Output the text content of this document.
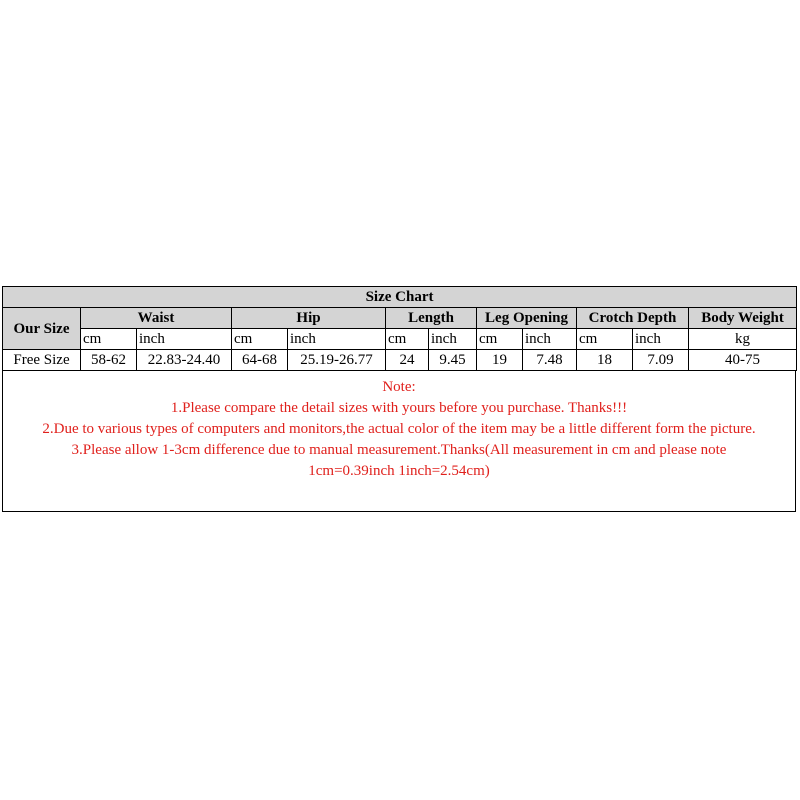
Size Chart											
Our Size	Waist		Hip		Length		Leg Opening		Crotch Depth		Body Weight
	cm	inch	cm	inch	cm	inch	cm	inch	cm	inch	kg
Free Size	58-62	22.83-24.40	64-68	25.19-26.77	24	9.45	19	7.48	18	7.09	40-75
Note:
1.Please compare the detail sizes with yours before you purchase. Thanks!!!
2.Due to various types of computers and monitors,the actual color of the item may be a little different form the picture.
3.Please allow 1-3cm difference due to manual measurement.Thanks(All measurement in cm and please note
1cm=0.39inch 1inch=2.54cm)
